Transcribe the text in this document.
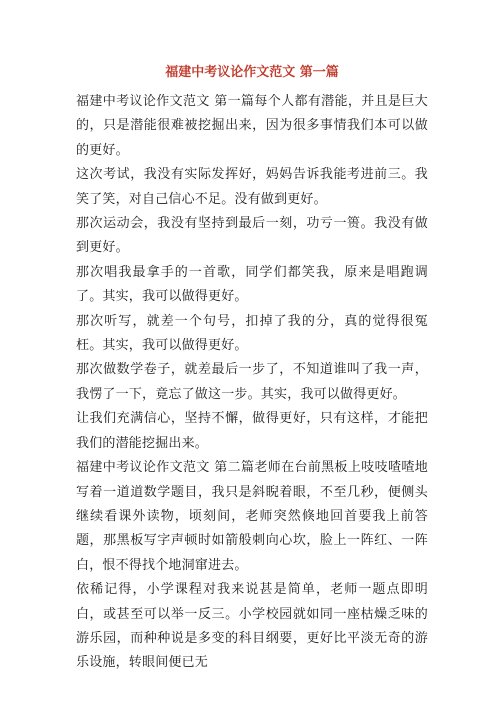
福建中考议论作文范文 第一篇

福建中考议论作文范文 第一篇每个人都有潜能，并且是巨大的，只是潜能很难被挖掘出来，因为很多事情我们本可以做的更好。

这次考试，我没有实际发挥好，妈妈告诉我能考进前三。我笑了笑，对自己信心不足。没有做到更好。

那次运动会，我没有坚持到最后一刻，功亏一篑。我没有做到更好。

那次唱我最拿手的一首歌，同学们都笑我，原来是唱跑调了。其实，我可以做得更好。

那次听写，就差一个句号，扣掉了我的分，真的觉得很冤枉。其实，我可以做得更好。

那次做数学卷子，就差最后一步了，不知道谁叫了我一声，我愣了一下，竟忘了做这一步。其实，我可以做得更好。

让我们充满信心，坚持不懈，做得更好，只有这样，才能把我们的潜能挖掘出来。

福建中考议论作文范文 第二篇老师在台前黑板上吱吱喳喳地写着一道道数学题目，我只是斜睨着眼，不至几秒，便侧头继续看课外读物，顷刻间，老师突然倏地回首要我上前答题，那黑板写字声顿时如箭般刺向心坎，脸上一阵红、一阵白，恨不得找个地洞窜进去。

依稀记得，小学课程对我来说甚是简单，老师一题点即明白，或甚至可以举一反三。小学校园就如同一座枯燥乏味的游乐园，而种种说是多变的科目纲要，更好比平淡无奇的游乐设施，转眼间便已无
